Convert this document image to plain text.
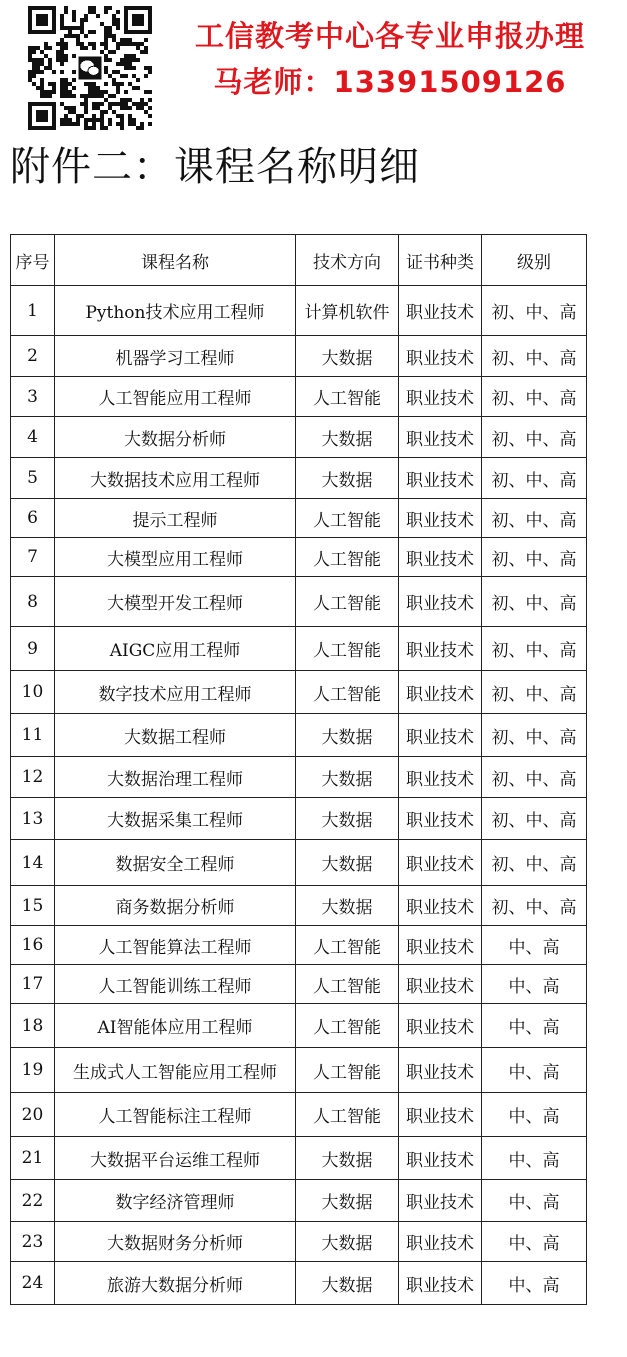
工信教考中心各专业申报办理
马老师：13391509126
附件二：课程名称明细
序号	课程名称	技术方向	证书种类	级别
1	Python技术应用工程师	计算机软件	职业技术	初、中、高
2	机器学习工程师	大数据	职业技术	初、中、高
3	人工智能应用工程师	人工智能	职业技术	初、中、高
4	大数据分析师	大数据	职业技术	初、中、高
5	大数据技术应用工程师	大数据	职业技术	初、中、高
6	提示工程师	人工智能	职业技术	初、中、高
7	大模型应用工程师	人工智能	职业技术	初、中、高
8	大模型开发工程师	人工智能	职业技术	初、中、高
9	AIGC应用工程师	人工智能	职业技术	初、中、高
10	数字技术应用工程师	人工智能	职业技术	初、中、高
11	大数据工程师	大数据	职业技术	初、中、高
12	大数据治理工程师	大数据	职业技术	初、中、高
13	大数据采集工程师	大数据	职业技术	初、中、高
14	数据安全工程师	大数据	职业技术	初、中、高
15	商务数据分析师	大数据	职业技术	初、中、高
16	人工智能算法工程师	人工智能	职业技术	中、高
17	人工智能训练工程师	人工智能	职业技术	中、高
18	AI智能体应用工程师	人工智能	职业技术	中、高
19	生成式人工智能应用工程师	人工智能	职业技术	中、高
20	人工智能标注工程师	人工智能	职业技术	中、高
21	大数据平台运维工程师	大数据	职业技术	中、高
22	数字经济管理师	大数据	职业技术	中、高
23	大数据财务分析师	大数据	职业技术	中、高
24	旅游大数据分析师	大数据	职业技术	中、高
